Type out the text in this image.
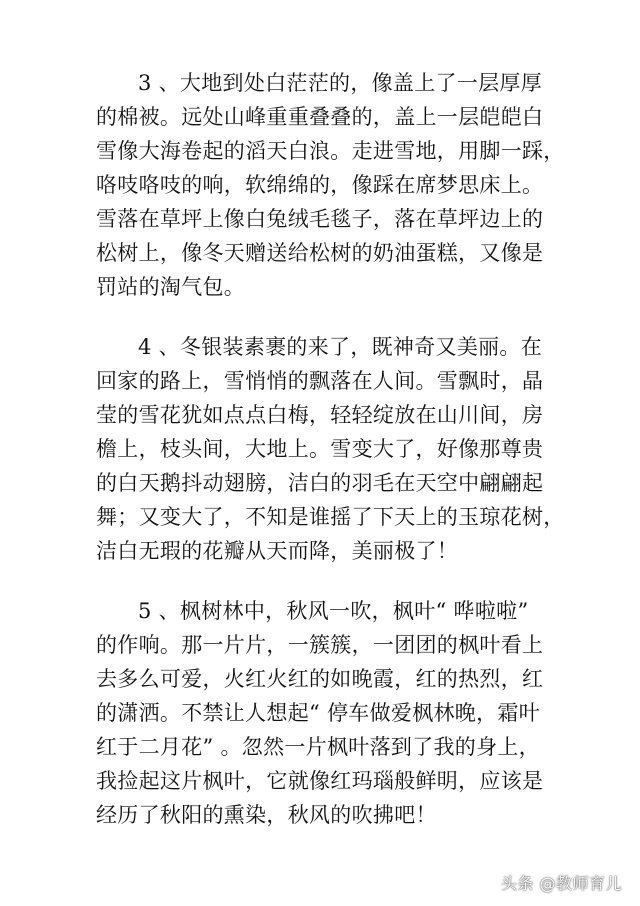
3 、大地到处白茫茫的，像盖上了一层厚厚
的棉被。远处山峰重重叠叠的，盖上一层皑皑白
雪像大海卷起的滔天白浪。走进雪地，用脚一踩，
咯吱咯吱的响，软绵绵的，像踩在席梦思床上。
雪落在草坪上像白兔绒毛毯子，落在草坪边上的
松树上，像冬天赠送给松树的奶油蛋糕，又像是
罚站的淘气包。
4 、冬银装素裹的来了，既神奇又美丽。在
回家的路上，雪悄悄的飘落在人间。雪飘时，晶
莹的雪花犹如点点白梅，轻轻绽放在山川间，房
檐上，枝头间，大地上。雪变大了，好像那尊贵
的白天鹅抖动翅膀，洁白的羽毛在天空中翩翩起
舞；又变大了，不知是谁摇了下天上的玉琼花树，
洁白无瑕的花瓣从天而降，美丽极了！
5 、枫树林中，秋风一吹，枫叶“ 哗啦啦”
的作响。那一片片，一簇簇，一团团的枫叶看上
去多么可爱，火红火红的如晚霞，红的热烈，红
的潇洒。不禁让人想起“ 停车做爱枫林晚，霜叶
红于二月花” 。忽然一片枫叶落到了我的身上，
我捡起这片枫叶，它就像红玛瑙般鲜明，应该是
经历了秋阳的熏染，秋风的吹拂吧！
头条 @教师育儿
